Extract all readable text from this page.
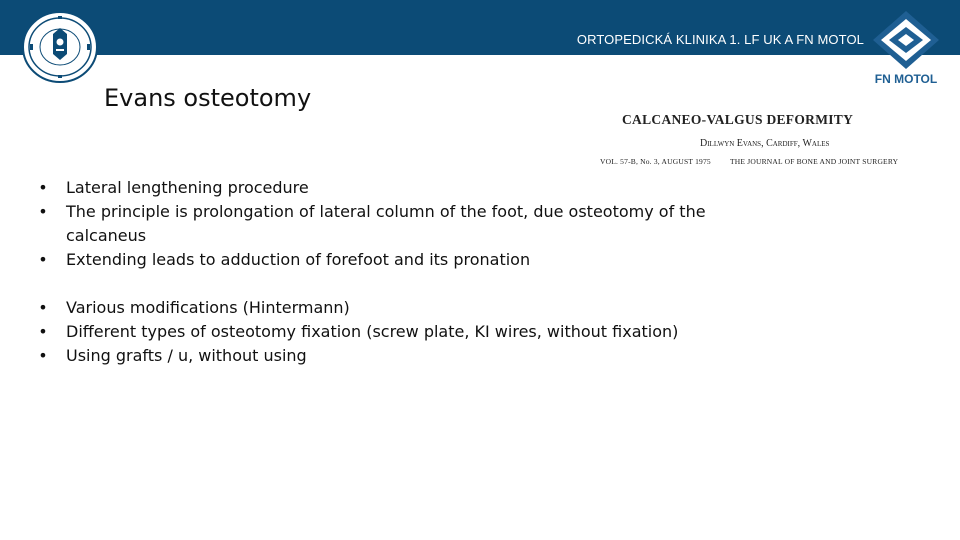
ORTOPEDICKÁ KLINIKA 1. LF UK A FN MOTOL
FN MOTOL
Evans osteotomy
CALCANEO-VALGUS DEFORMITY
Dillwyn Evans, Cardiff, Wales
VOL. 57-B, No. 3, AUGUST 1975	THE JOURNAL OF BONE AND JOINT SURGERY
• Lateral lengthening procedure
• The principle is prolongation of lateral column of the foot, due osteotomy of the calcaneus
• Extending leads to adduction of forefoot and its pronation
• Various modifications (Hintermann)
• Different types of osteotomy fixation (screw plate, KI wires, without fixation)
• Using grafts / u, without using
